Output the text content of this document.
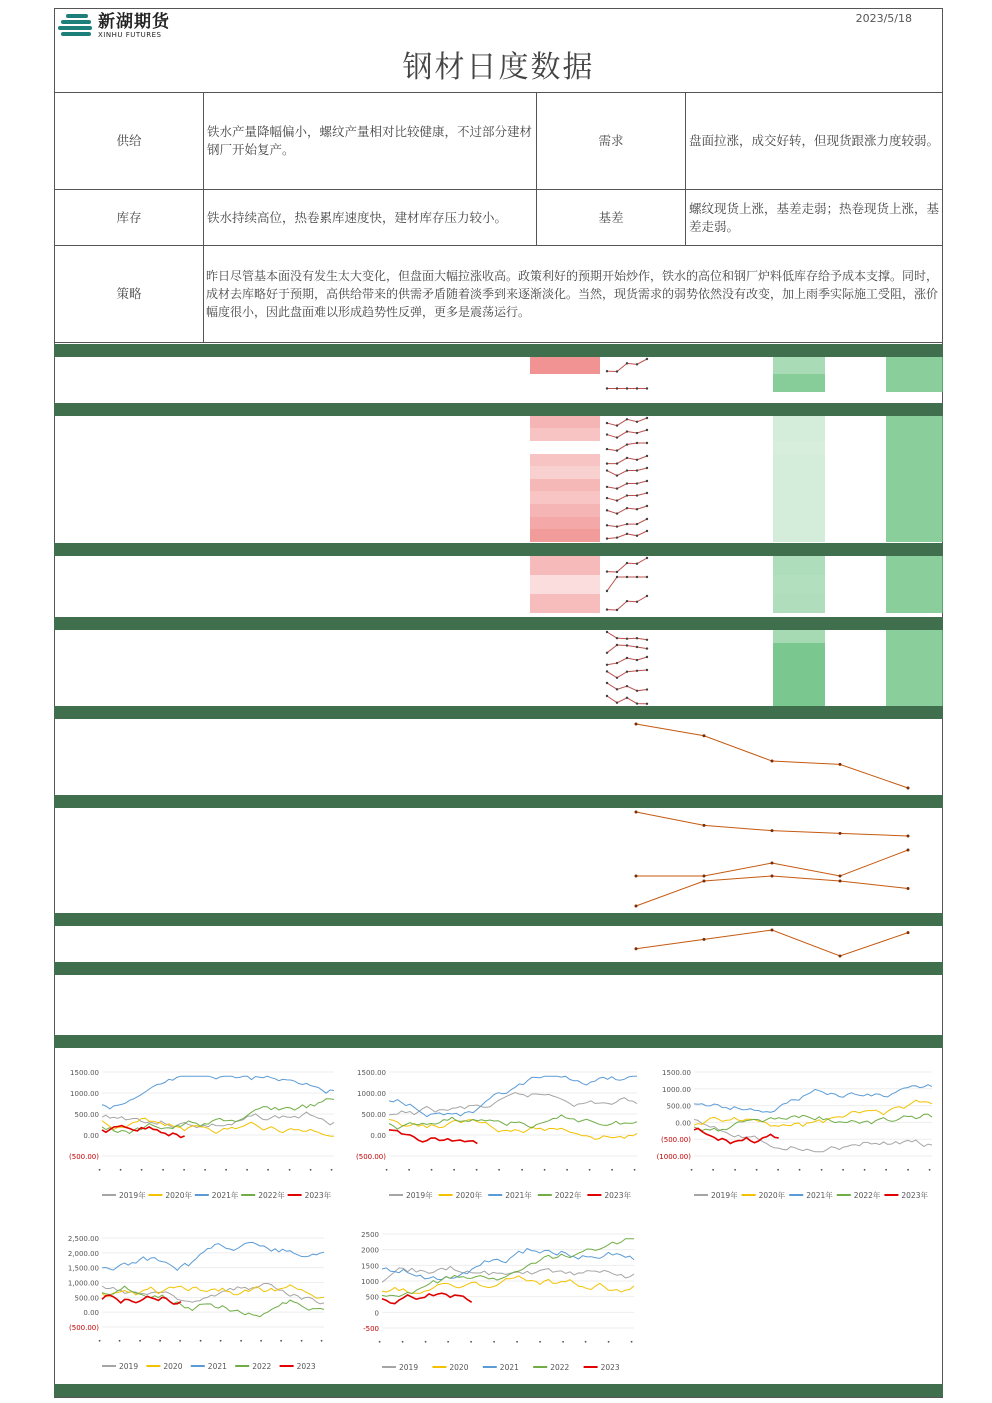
新湖期货
XINHU FUTURES
2023/5/18
钢材日度数据
供给	铁水产量降幅偏小，螺纹产量相对比较健康，不过部分建材钢厂开始复产。	需求	盘面拉涨，成交好转，但现货跟涨力度较弱。
库存	铁水持续高位，热卷累库速度快，建材库存压力较小。	基差	螺纹现货上涨，基差走弱；热卷现货上涨，基差走弱。
策略	昨日尽管基本面没有发生太大变化，但盘面大幅拉涨收高。政策利好的预期开始炒作，铁水的高位和钢厂炉料低库存给予成本支撑。同时，成材去库略好于预期，高供给带来的供需矛盾随着淡季到来逐渐淡化。当然，现货需求的弱势依然没有改变，加上雨季实际施工受阻，涨价幅度很小，因此盘面难以形成趋势性反弹，更多是震荡运行。		
1500.00
1000.00
500.00
0.00
(500.00)
• • • • • • • • • • • •
2019年	2020年	2021年	2022年	2023年
1500.00
1000.00
500.00
0.00
(500.00)
•	•	•	•	•	•	•	•	•	•	•	•
2019年	2020年	2021年	2022年	2023年
1500.00
1000.00
500.00
0.00
(500.00)
(1000.00)
• • • • • • • • • • • •
2019年	2020年	2021年	2022年	2023年
2,500.00
2,000.00
1,500.00
1,000.00
500.00
0.00
(500.00)
• • • • • • • • • • • •
2019	2020	2021	2022	2023
2500
2000
1500
1000
500
0
-500
•	•	•	•	•	•	•	•	•	•	•	•
2019	2020	2021	2022	2023
